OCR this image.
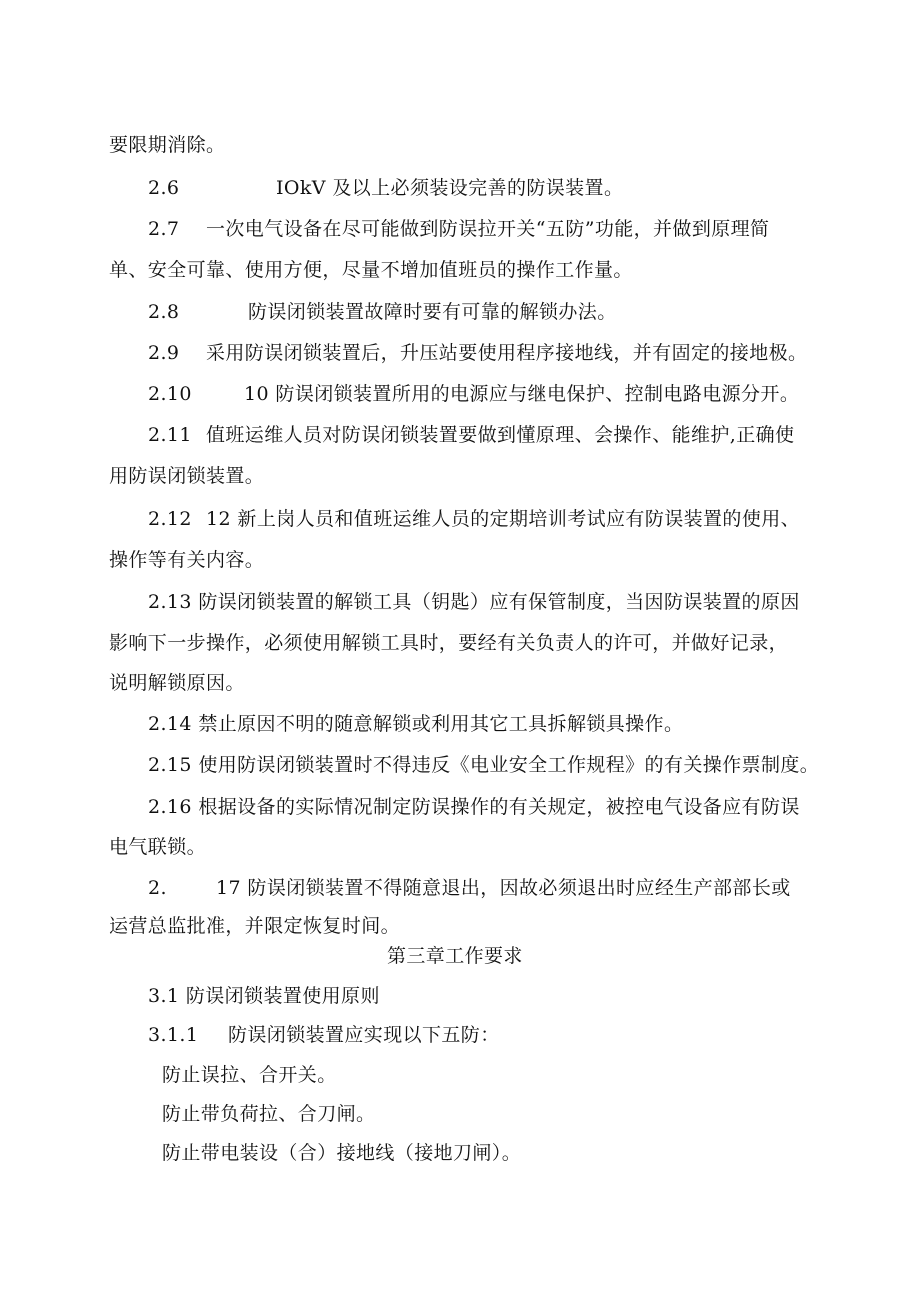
要限期消除。
2.6	IOkV 及以上必须装设完善的防误装置。
2.7 一次电气设备在尽可能做到防误拉开关“五防”功能，并做到原理简
单、安全可靠、使用方便，尽量不增加值班员的操作工作量。
2.8	防误闭锁装置故障时要有可靠的解锁办法。
2.9 采用防误闭锁装置后，升压站要使用程序接地线，并有固定的接地极。
2.10	10 防误闭锁装置所用的电源应与继电保护、控制电路电源分开。
2.11 值班运维人员对防误闭锁装置要做到懂原理、会操作、能维护,正确使
用防误闭锁装置。
2.12 12 新上岗人员和值班运维人员的定期培训考试应有防误装置的使用、
操作等有关内容。
2.13 防误闭锁装置的解锁工具（钥匙）应有保管制度，当因防误装置的原因
影响下一步操作，必须使用解锁工具时，要经有关负责人的许可，并做好记录，
说明解锁原因。
2.14 禁止原因不明的随意解锁或利用其它工具拆解锁具操作。
2.15 使用防误闭锁装置时不得违反《电业安全工作规程》的有关操作票制度。
2.16 根据设备的实际情况制定防误操作的有关规定，被控电气设备应有防误
电气联锁。
2.	17 防误闭锁装置不得随意退出，因故必须退出时应经生产部部长或
运营总监批准，并限定恢复时间。
第三章工作要求
3.1 防误闭锁装置使用原则
3.1.1 防误闭锁装置应实现以下五防：
防止误拉、合开关。
防止带负荷拉、合刀闸。
防止带电装设（合）接地线（接地刀闸）。
